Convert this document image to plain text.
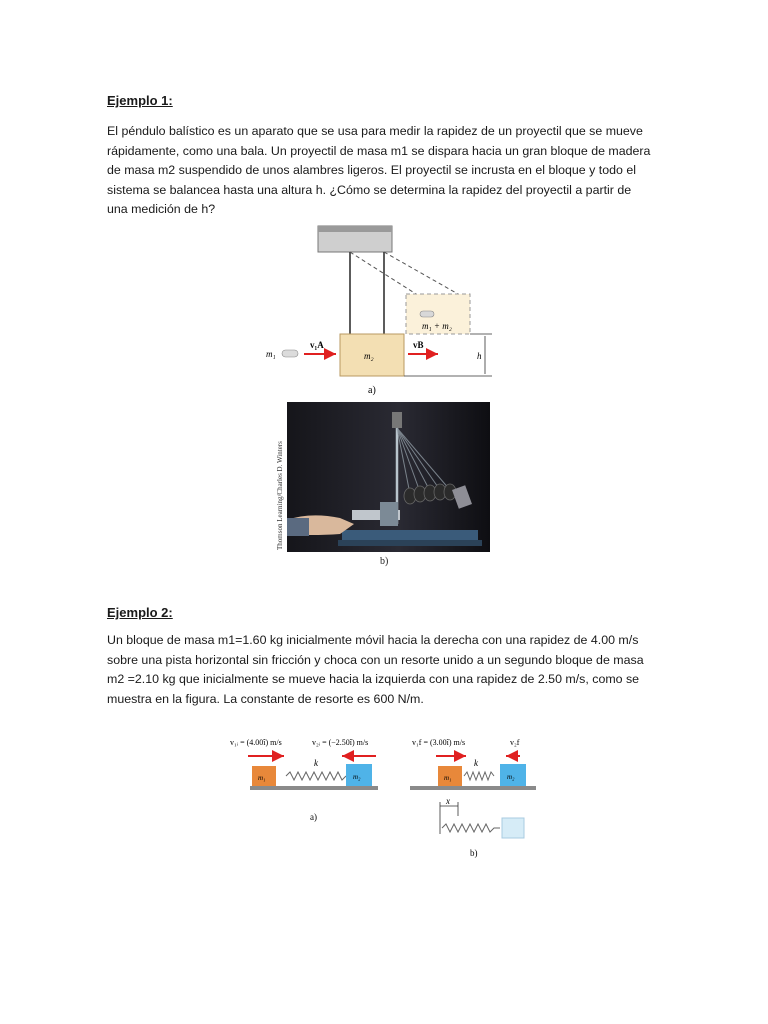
Ejemplo 1:
El péndulo balístico es un aparato que se usa para medir la rapidez de un proyectil que se mueve
rápidamente, como una bala. Un proyectil de masa m1 se dispara hacia un gran bloque de madera
de masa m2 suspendido de unos alambres ligeros. El proyectil se incrusta en el bloque y todo el
sistema se balancea hasta una altura h. ¿Cómo se determina la rapidez del proyectil a partir de
una medición de h?
m₁ + m₂
m₂
m₁
v₁A	vB
h
a)
Thomson Learning/Charles D. Winters
b)
Ejemplo 2:
Un bloque de masa m1=1.60 kg inicialmente móvil hacia la derecha con una rapidez de 4.00 m/s
sobre una pista horizontal sin fricción y choca con un resorte unido a un segundo bloque de masa
m2 =2.10 kg que inicialmente se mueve hacia la izquierda con una rapidez de 2.50 m/s, como se
muestra en la figura. La constante de resorte es 600 N/m.
v₁ᵢ = (4.00î) m/s	v₂ᵢ = (−2.50î) m/s
m₁
k
m₂
a)
v₁f = (3.00î) m/s	v₂f
m₁
k
m₂
x
b)
